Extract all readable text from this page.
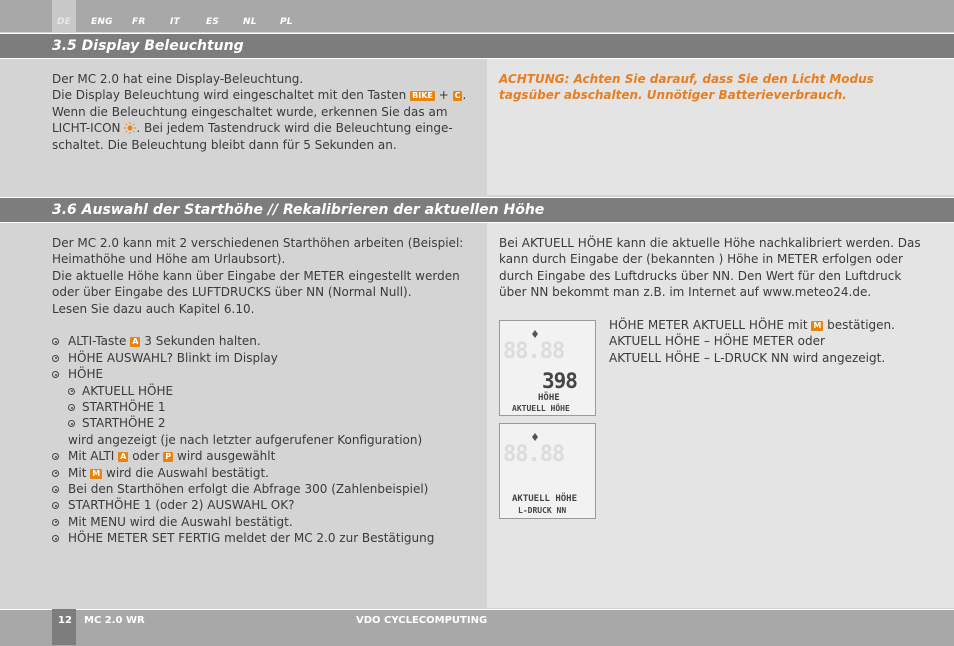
DE ENG FR	IT	ES	NL	PL
3.5 Display Beleuchtung
Der MC 2.0 hat eine Display-Beleuchtung.
Die Display Beleuchtung wird eingeschaltet mit den Tasten BIKE + C .
Wenn die Beleuchtung eingeschaltet wurde, erkennen Sie das am
LICHT-ICON . Bei jedem Tastendruck wird die Beleuchtung einge-
schaltet. Die Beleuchtung bleibt dann für 5 Sekunden an.
ACHTUNG: Achten Sie darauf, dass Sie den Licht Modus tagsüber abschalten. Unnötiger Batterieverbrauch.
3.6 Auswahl der Starthöhe // Rekalibrieren der aktuellen Höhe
Der MC 2.0 kann mit 2 verschiedenen Starthöhen arbeiten (Beispiel:
Heimathöhe und Höhe am Urlaubsort).
Die aktuelle Höhe kann über Eingabe der METER eingestellt werden
oder über Eingabe des LUFTDRUCKS über NN (Normal Null).
Lesen Sie dazu auch Kapitel 6.10.
ALTI-Taste A 3 Sekunden halten.
HÖHE AUSWAHL? Blinkt im Display
HÖHE
AKTUELL HÖHE
STARTHÖHE 1
STARTHÖHE 2
wird angezeigt (je nach letzter aufgerufener Konfiguration)
Mit ALTI A oder P wird ausgewählt
Mit M wird die Auswahl bestätigt.
Bei den Starthöhen erfolgt die Abfrage 300 (Zahlenbeispiel)
STARTHÖHE 1 (oder 2) AUSWAHL OK?
Mit MENU wird die Auswahl bestätigt.
HÖHE METER SET FERTIG meldet der MC 2.0 zur Bestätigung
Bei AKTUELL HÖHE kann die aktuelle Höhe nachkalibriert werden. Das
kann durch Eingabe der (bekannten ) Höhe in METER erfolgen oder
durch Eingabe des Luftdrucks über NN. Den Wert für den Luftdruck
über NN bekommt man z.B. im Internet auf www.meteo24.de.
HÖHE METER AKTUELL HÖHE mit M bestätigen.
AKTUELL HÖHE – HÖHE METER oder
AKTUELL HÖHE – L-DRUCK NN wird angezeigt.
88.88
398
HÖHE
AKTUELL HÖHE
88.88
AKTUELL HÖHE
L-DRUCK NN
12 MC 2.0 WR	VDO CYCLECOMPUTING
